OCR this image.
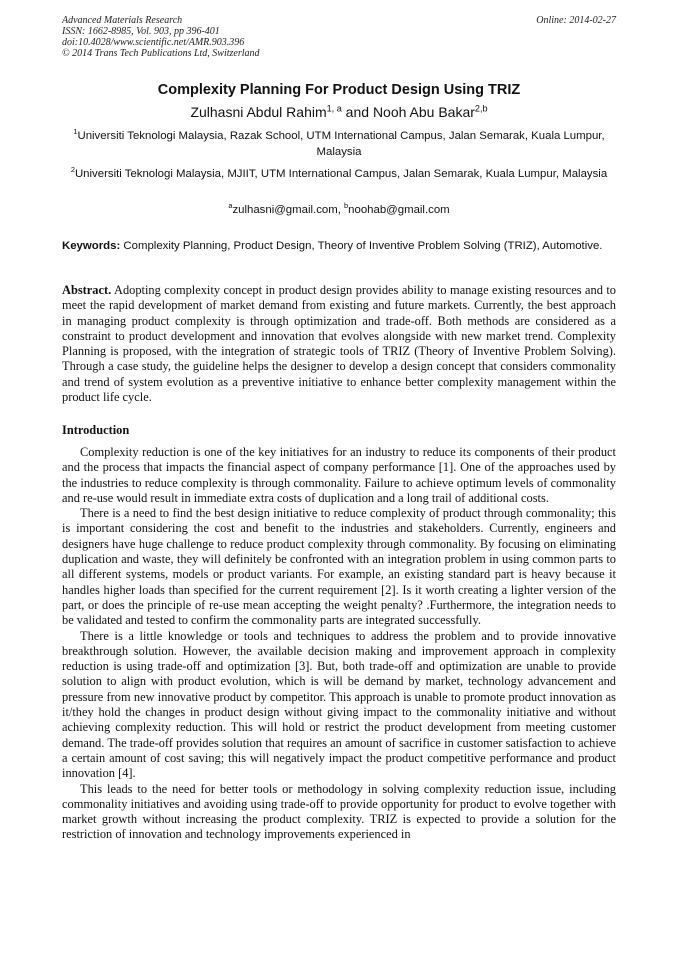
Advanced Materials Research
ISSN: 1662-8985, Vol. 903, pp 396-401
doi:10.4028/www.scientific.net/AMR.903.396
© 2014 Trans Tech Publications Ltd, Switzerland
Online: 2014-02-27
Complexity Planning For Product Design Using TRIZ
Zulhasni Abdul Rahim$^{1, a}$ and Nooh Abu Bakar$^{2,b}$
$^1$Universiti Teknologi Malaysia, Razak School, UTM International Campus, Jalan Semarak, Kuala Lumpur, Malaysia
$^2$Universiti Teknologi Malaysia, MJIIT, UTM International Campus, Jalan Semarak, Kuala Lumpur, Malaysia
$^a$zulhasni@gmail.com, $^b$noohab@gmail.com
Keywords: Complexity Planning, Product Design, Theory of Inventive Problem Solving (TRIZ), Automotive.
Abstract. Adopting complexity concept in product design provides ability to manage existing resources and to meet the rapid development of market demand from existing and future markets. Currently, the best approach in managing product complexity is through optimization and trade-off. Both methods are considered as a constraint to product development and innovation that evolves alongside with new market trend. Complexity Planning is proposed, with the integration of strategic tools of TRIZ (Theory of Inventive Problem Solving). Through a case study, the guideline helps the designer to develop a design concept that considers commonality and trend of system evolution as a preventive initiative to enhance better complexity management within the product life cycle.
Introduction

Complexity reduction is one of the key initiatives for an industry to reduce its components of their product and the process that impacts the financial aspect of company performance [1]. One of the approaches used by the industries to reduce complexity is through commonality. Failure to achieve optimum levels of commonality and re-use would result in immediate extra costs of duplication and a long trail of additional costs.

There is a need to find the best design initiative to reduce complexity of product through commonality; this is important considering the cost and benefit to the industries and stakeholders. Currently, engineers and designers have huge challenge to reduce product complexity through commonality. By focusing on eliminating duplication and waste, they will definitely be confronted with an integration problem in using common parts to all different systems, models or product variants. For example, an existing standard part is heavy because it handles higher loads than specified for the current requirement [2]. Is it worth creating a lighter version of the part, or does the principle of re-use mean accepting the weight penalty? .Furthermore, the integration needs to be validated and tested to confirm the commonality parts are integrated successfully.

There is a little knowledge or tools and techniques to address the problem and to provide innovative breakthrough solution. However, the available decision making and improvement approach in complexity reduction is using trade-off and optimization [3]. But, both trade-off and optimization are unable to provide solution to align with product evolution, which is will be demand by market, technology advancement and pressure from new innovative product by competitor. This approach is unable to promote product innovation as it/they hold the changes in product design without giving impact to the commonality initiative and without achieving complexity reduction. This will hold or restrict the product development from meeting customer demand. The trade-off provides solution that requires an amount of sacrifice in customer satisfaction to achieve a certain amount of cost saving; this will negatively impact the product competitive performance and product innovation [4].

This leads to the need for better tools or methodology in solving complexity reduction issue, including commonality initiatives and avoiding using trade-off to provide opportunity for product to evolve together with market growth without increasing the product complexity. TRIZ is expected to provide a solution for the restriction of innovation and technology improvements experienced in
